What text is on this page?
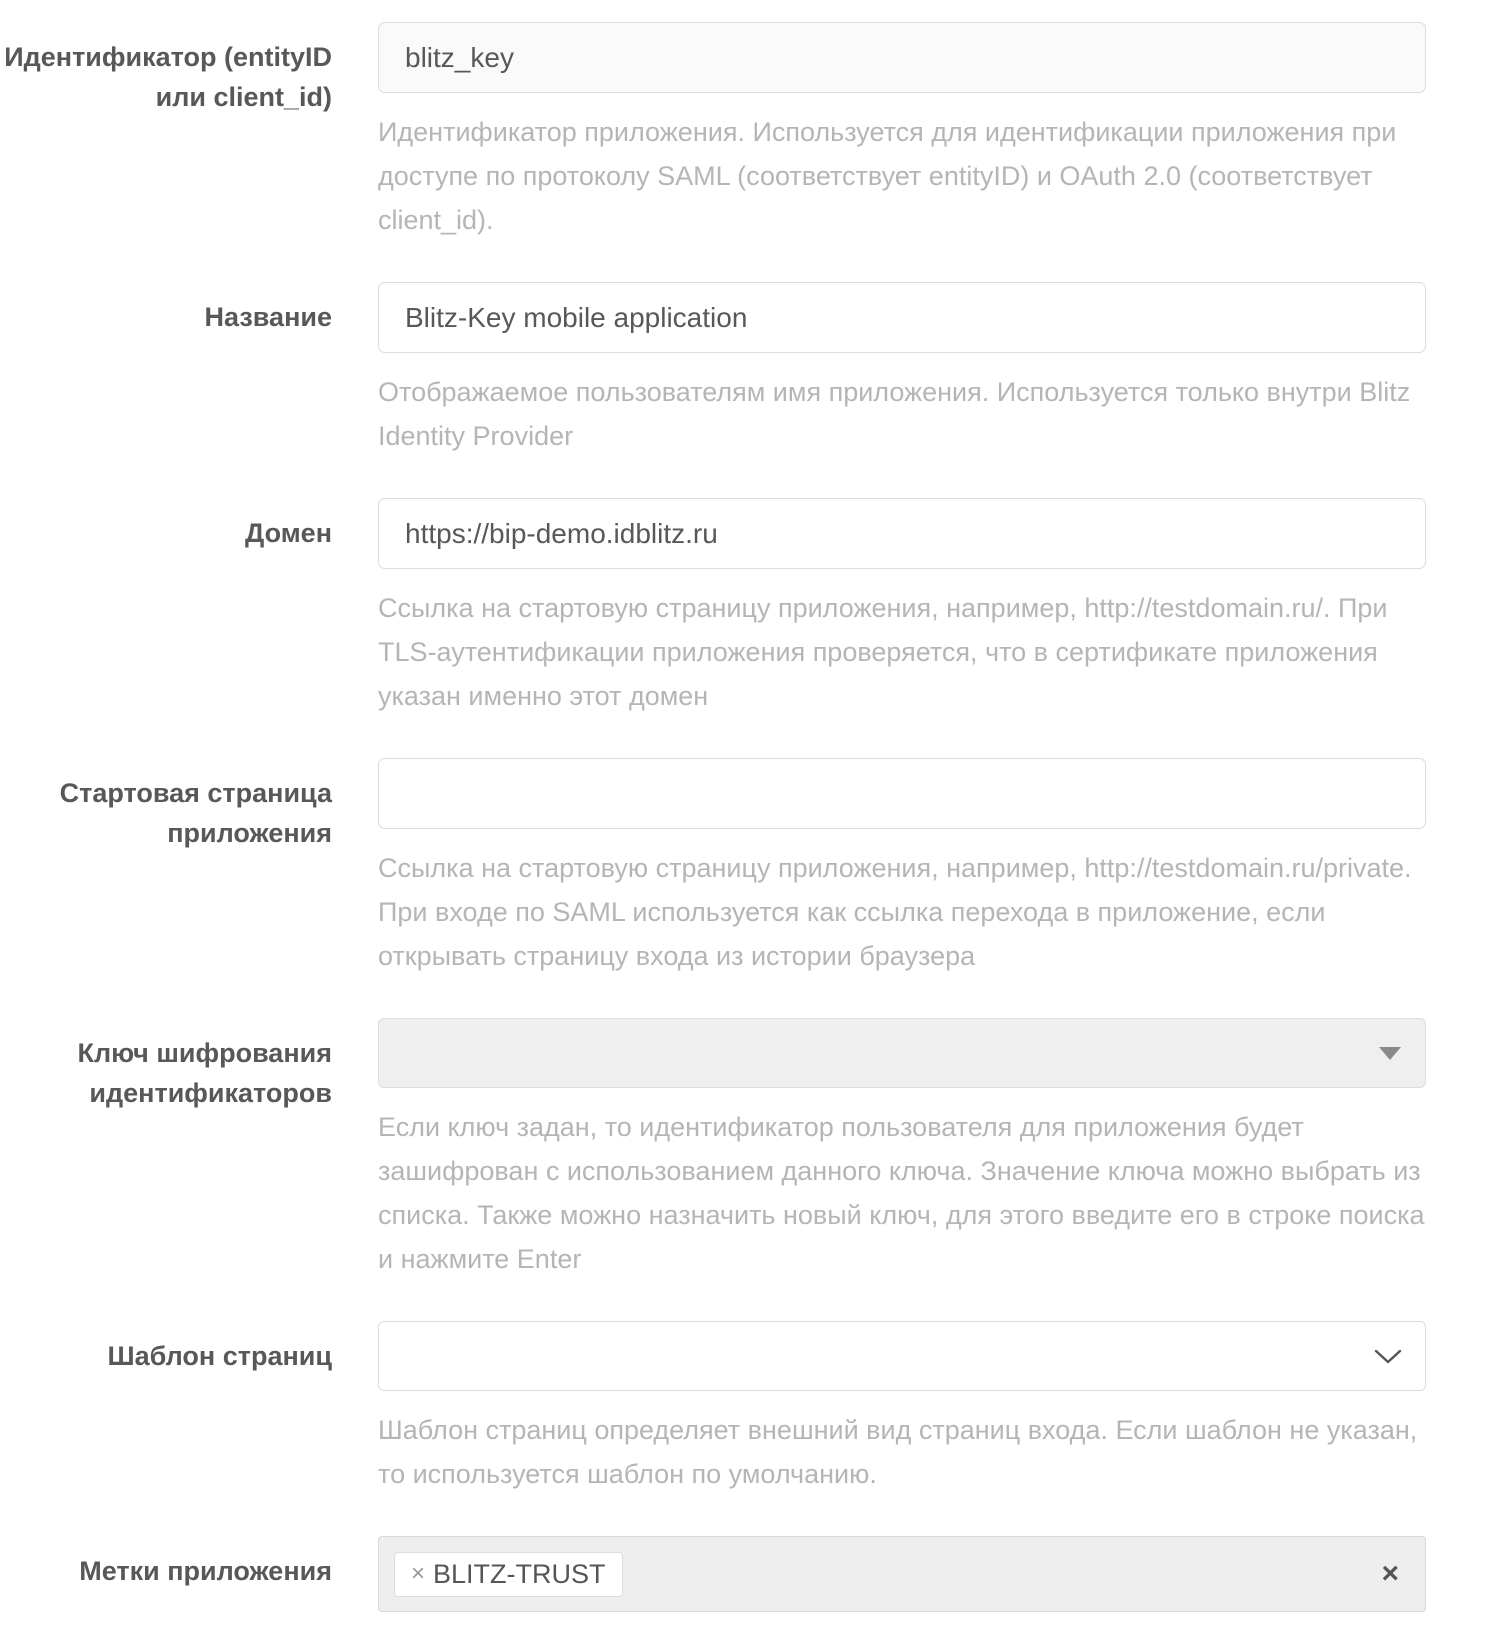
Идентификатор (entityID или client_id)
blitz_key
Идентификатор приложения. Используется для идентификации приложения при доступе по протоколу SAML (соответствует entityID) и OAuth 2.0 (соответствует client_id).
Название
Blitz-Key mobile application
Отображаемое пользователям имя приложения. Используется только внутри Blitz Identity Provider
Домен
https://bip-demo.idblitz.ru
Ссылка на стартовую страницу приложения, например, http://testdomain.ru/. При TLS-аутентификации приложения проверяется, что в сертификате приложения указан именно этот домен
Стартовая страница приложения
Ссылка на стартовую страницу приложения, например, http://testdomain.ru/private. При входе по SAML используется как ссылка перехода в приложение, если открывать страницу входа из истории браузера
Ключ шифрования идентификаторов
Если ключ задан, то идентификатор пользователя для приложения будет зашифрован с использованием данного ключа. Значение ключа можно выбрать из списка. Также можно назначить новый ключ, для этого введите его в строке поиска и нажмите Enter
Шаблон страниц
Шаблон страниц определяет внешний вид страниц входа. Если шаблон не указан, то используется шаблон по умолчанию.
Метки приложения	× BLITZ-TRUST	×
